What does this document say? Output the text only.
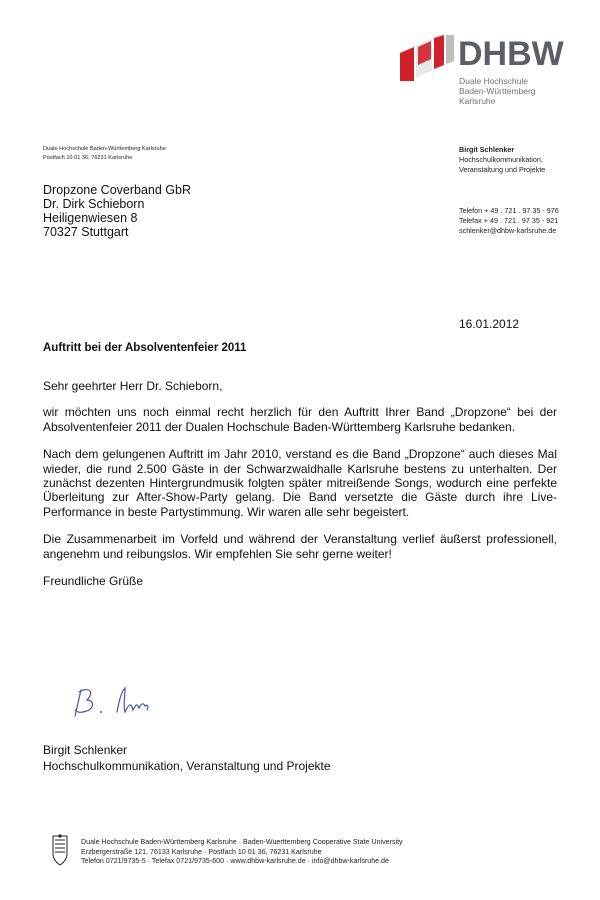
DHBW
Duale Hochschule
Baden-Württemberg
Karlsruhe
Duale Hochschule Baden-Württemberg Karlsruhe
Postfach 10 01 36, 76231 Karlsruhe
Dropzone Coverband GbR
Dr. Dirk Schieborn
Heiligenwiesen 8
70327 Stuttgart
Birgit Schlenker
Hochschulkommunikation,
Veranstaltung und Projekte
Telefon + 49 . 721 . 97 35 - 976
Telefax + 49 . 721 . 97 35 - 921
schlenker@dhbw-karlsruhe.de
16.01.2012
Auftritt bei der Absolventenfeier 2011
Sehr geehrter Herr Dr. Schieborn,

wir möchten uns noch einmal recht herzlich für den Auftritt Ihrer Band „Dropzone“ bei der Absolventenfeier 2011 der Dualen Hochschule Baden-Württemberg Karlsruhe bedanken.

Nach dem gelungenen Auftritt im Jahr 2010, verstand es die Band „Dropzone“ auch dieses Mal wieder, die rund 2.500 Gäste in der Schwarzwaldhalle Karlsruhe bestens zu unterhalten. Der zunächst dezenten Hintergrundmusik folgten später mitreißende Songs, wodurch eine perfekte Überleitung zur After-Show-Party gelang. Die Band versetzte die Gäste durch ihre Live-Performance in beste Partystimmung. Wir waren alle sehr begeistert.

Die Zusammenarbeit im Vorfeld und während der Veranstaltung verlief äußerst professionell, angenehm und reibungslos. Wir empfehlen Sie sehr gerne weiter!

Freundliche Grüße
Birgit Schlenker
Hochschulkommunikation, Veranstaltung und Projekte
Duale Hochschule Baden-Württemberg Karlsruhe · Baden-Wuerttemberg Cooperative State University
Erzbergerstraße 121, 76133 Karlsruhe · Postfach 10 01 36, 76231 Karlsruhe
Telefon 0721/9735-5 · Telefax 0721/9735-600 · www.dhbw-karlsruhe.de · info@dhbw-karlsruhe.de
